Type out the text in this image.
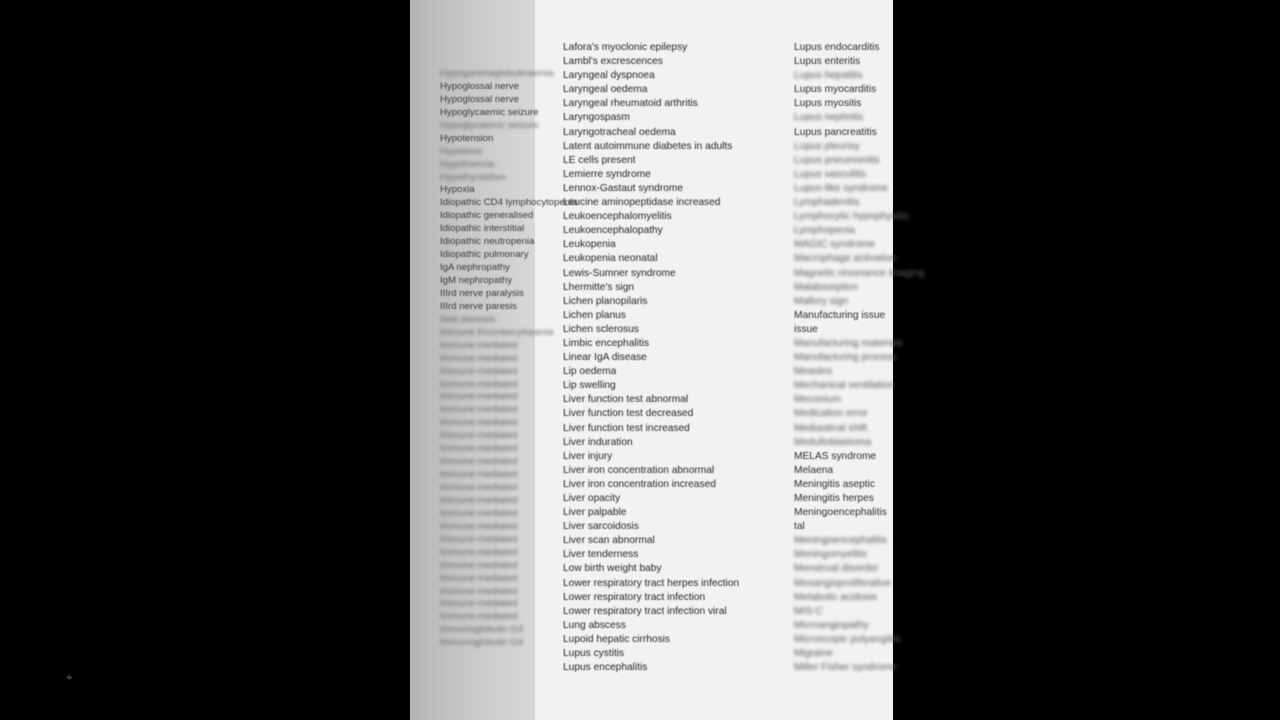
Hypogammaglobulinaemia
Hypoglossal nerve
Hypoglossal nerve
Hypoglycaemic seizure
Hypoglycaemic seizure
Hypotension
Hypotonic
Hypothermia
Hypothyroidism
Hypoxia
Idiopathic CD4 lymphocytopenia
Idiopathic generalised
Idiopathic interstitial
Idiopathic neutropenia
Idiopathic pulmonary
IgA nephropathy
IgM nephropathy
IIIrd nerve paralysis
IIIrd nerve paresis
Ileal stenosis
Immune thrombocytopenia
Immune-mediated
Immune-mediated
Immune-mediated
Immune-mediated
Immune-mediated
Immune-mediated
Immune-mediated
Immune-mediated
Immune-mediated
Immune-mediated
Immune-mediated
Immune-mediated
Immune-mediated
Immune-mediated
Immune-mediated
Immune-mediated
Immune-mediated
Immune-mediated
Immune-mediated
Immune-mediated
Immune-mediated
Immune-mediated
Immunoglobulin G4
Immunoglobulin G4
Lafora's myoclonic epilepsy
Lambl's excrescences
Laryngeal dyspnoea
Laryngeal oedema
Laryngeal rheumatoid arthritis
Laryngospasm
Laryngotracheal oedema
Latent autoimmune diabetes in adults
LE cells present
Lemierre syndrome
Lennox-Gastaut syndrome
Leucine aminopeptidase increased
Leukoencephalomyelitis
Leukoencephalopathy
Leukopenia
Leukopenia neonatal
Lewis-Sumner syndrome
Lhermitte's sign
Lichen planopilaris
Lichen planus
Lichen sclerosus
Limbic encephalitis
Linear IgA disease
Lip oedema
Lip swelling
Liver function test abnormal
Liver function test decreased
Liver function test increased
Liver induration
Liver injury
Liver iron concentration abnormal
Liver iron concentration increased
Liver opacity
Liver palpable
Liver sarcoidosis
Liver scan abnormal
Liver tenderness
Low birth weight baby
Lower respiratory tract herpes infection
Lower respiratory tract infection
Lower respiratory tract infection viral
Lung abscess
Lupoid hepatic cirrhosis
Lupus cystitis
Lupus encephalitis
Lupus endocarditis
Lupus enteritis
Lupus hepatitis
Lupus myocarditis
Lupus myositis
Lupus nephritis
Lupus pancreatitis
Lupus pleurisy
Lupus pneumonitis
Lupus vasculitis
Lupus-like syndrome
Lymphadenitis
Lymphocytic hypophysitis
Lymphopenia
MAGIC syndrome
Macrophage activation
Magnetic resonance imaging
Malabsorption
Mallory sign
Manufacturing issue
issue
Manufacturing materials
Manufacturing process
Measles
Mechanical ventilation
Meconium
Medication error
Mediastinal shift
Medulloblastoma
MELAS syndrome
Melaena
Meningitis aseptic
Meningitis herpes
Meningoencephalitis
tal
Meningoencephalitis
Meningomyelitis
Menstrual disorder
Mesangioproliferative
Metabolic acidosis
MIS-C
Microangiopathy
Microscopic polyangiitis
Migraine
Miller Fisher syndrome
⌖
